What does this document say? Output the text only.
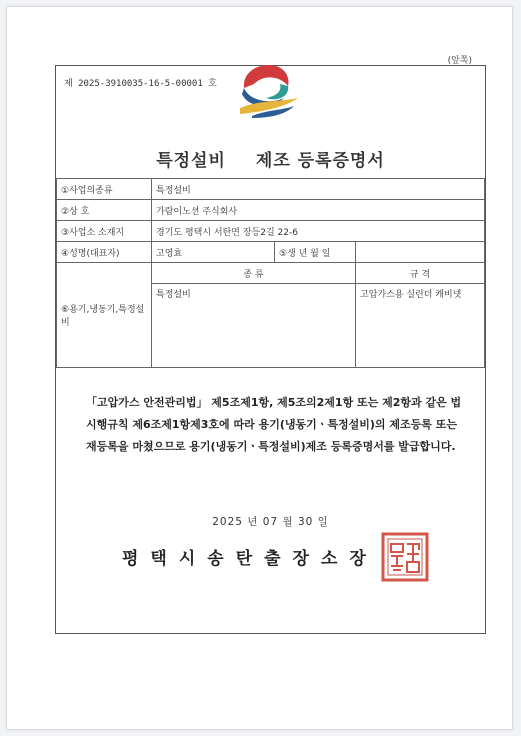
(앞쪽)
제 2025-3910035-16-5-00001 호
특정설비 제조 등록증명서
①사업의종류	특정설비		
②상 호	가람이노션 주식회사		
③사업소 소재지	경기도 평택시 서탄면 장등2길 22-6		
④성명(대표자)	고영효	⑤생 년 월 일	
⑥용기,냉동기,특정설비	종 류		규 격
	특정설비		고압가스용 실린더 캐비넷
「고압가스 안전관리법」 제5조제1항, 제5조의2제1항 또는 제2항과 같은 법 시행규칙 제6조제1항제3호에 따라 용기(냉동기ㆍ특정설비)의 제조등록 또는 재등록을 마쳤으므로 용기(냉동기ㆍ특정설비)제조 등록증명서를 발급합니다.
2025 년 07 월 30 일
평택시송탄출장소장
